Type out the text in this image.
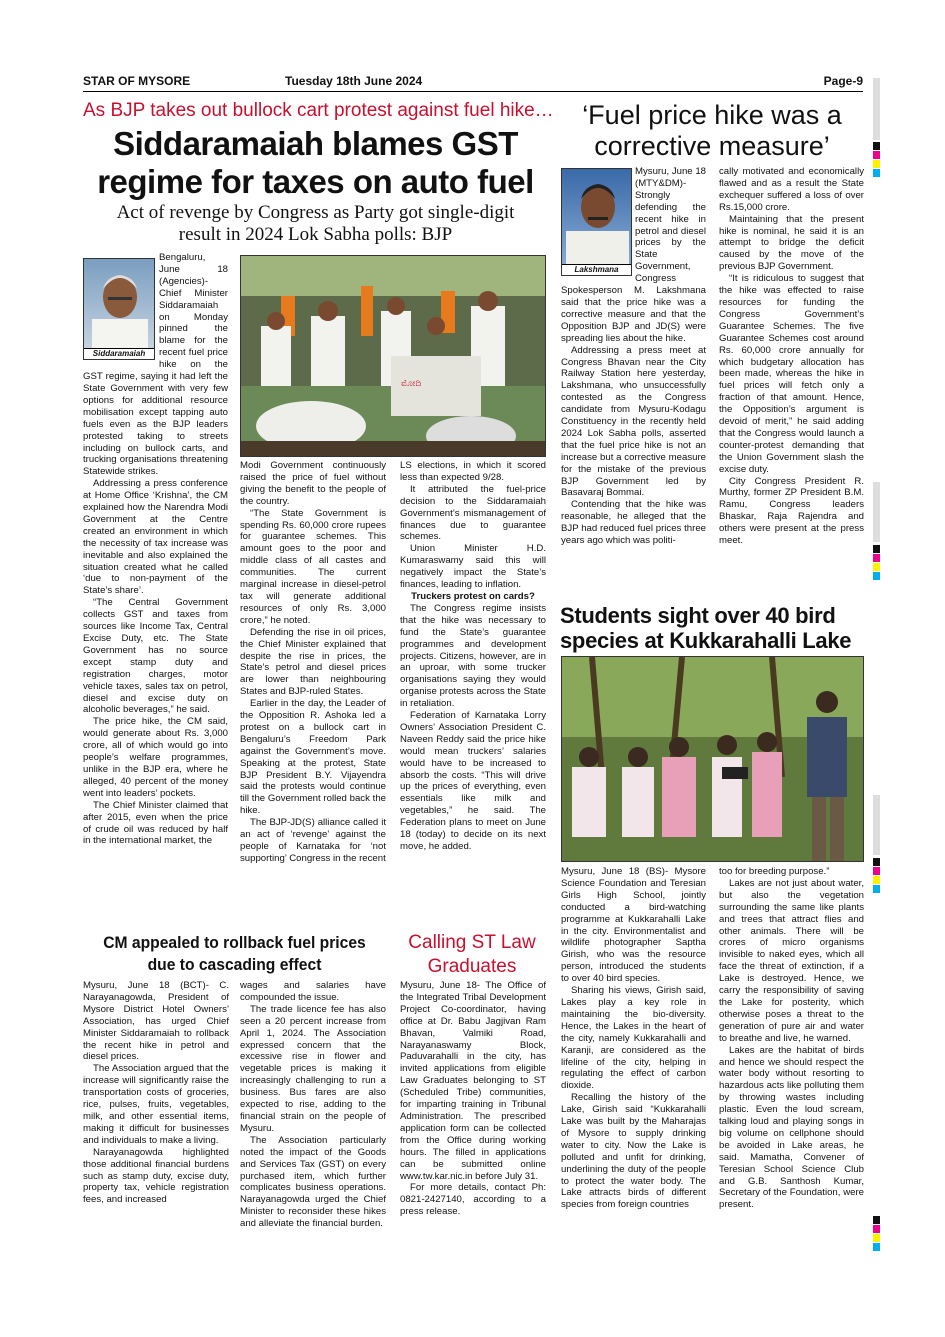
STAR OF MYSORE	Tuesday 18th June 2024	Page-9
As BJP takes out bullock cart protest against fuel hike…
Siddaramaiah blames GST
regime for taxes on auto fuel
Act of revenge by Congress as Party got single-digit
result in 2024 Lok Sabha polls: BJP
Siddaramaiah

Bengaluru, June 18 (Agencies)- Chief Minister Siddaramaiah on Monday pinned the blame for the recent fuel price hike on the GST regime, saying it had left the State Government with very few options for additional resource mobilisation except tapping auto fuels even as the BJP leaders protested taking to streets including on bullock carts, and trucking organisations threatening Statewide strikes.

Addressing a press conference at Home Office ‘Krishna’, the CM explained how the Narendra Modi Government at the Centre created an environment in which the necessity of tax increase was inevitable and also explained the situation created what he called ‘due to non-payment of the State’s share’.

“The Central Government collects GST and taxes from sources like Income Tax, Central Excise Duty, etc. The State Government has no source except stamp duty and registration charges, motor vehicle taxes, sales tax on petrol, diesel and excise duty on alcoholic beverages,” he said.

The price hike, the CM said, would generate about Rs. 3,000 crore, all of which would go into people’s welfare programmes, unlike in the BJP era, where he alleged, 40 percent of the money went into leaders’ pockets.

The Chief Minister claimed that after 2015, even when the price of crude oil was reduced by half in the international market, the

ಮೋದಿ

Modi Government continuously raised the price of fuel without giving the benefit to the people of the country.

“The State Government is spending Rs. 60,000 crore rupees for guarantee schemes. This amount goes to the poor and middle class of all castes and communities. The current marginal increase in diesel-petrol tax will generate additional resources of only Rs. 3,000 crore,” he noted.

Defending the rise in oil prices, the Chief Minister explained that despite the rise in prices, the State’s petrol and diesel prices are lower than neighbouring States and BJP-ruled States.

Earlier in the day, the Leader of the Opposition R. Ashoka led a protest on a bullock cart in Bengaluru’s Freedom Park against the Government’s move. Speaking at the protest, State BJP President B.Y. Vijayendra said the protests would continue till the Government rolled back the hike.

The BJP-JD(S) alliance called it an act of ‘revenge’ against the people of Karnataka for ‘not supporting’ Congress in the recent

LS elections, in which it scored less than expected 9/28.

It attributed the fuel-price decision to the Siddaramaiah Government’s mismanagement of finances due to guarantee schemes.

Union Minister H.D. Kumaraswamy said this will negatively impact the State’s finances, leading to inflation.

Truckers protest on cards?

The Congress regime insists that the hike was necessary to fund the State’s guarantee programmes and development projects. Citizens, however, are in an uproar, with some trucker organisations saying they would organise protests across the State in retaliation.

Federation of Karnataka Lorry Owners’ Association President C. Naveen Reddy said the price hike would mean truckers’ salaries would have to be increased to absorb the costs. “This will drive up the prices of everything, even essentials like milk and vegetables,” he said. The Federation plans to meet on June 18 (today) to decide on its next move, he added.

‘Fuel price hike was a
corrective measure’
Lakshmana

Mysuru, June 18 (MTY&DM)- Strongly defending the recent hike in petrol and diesel prices by the State Government, Congress Spokesperson M. Lakshmana said that the price hike was a corrective measure and that the Opposition BJP and JD(S) were spreading lies about the hike.

Addressing a press meet at Congress Bhavan near the City Railway Station here yesterday, Lakshmana, who unsuccessfully contested as the Congress candidate from Mysuru-Kodagu Constituency in the recently held 2024 Lok Sabha polls, asserted that the fuel price hike is not an increase but a corrective measure for the mistake of the previous BJP Government led by Basavaraj Bommai.

Contending that the hike was reasonable, he alleged that the BJP had reduced fuel prices three years ago which was politi-

cally motivated and economically flawed and as a result the State exchequer suffered a loss of over Rs.15,000 crore.

Maintaining that the present hike is nominal, he said it is an attempt to bridge the deficit caused by the move of the previous BJP Government.

“It is ridiculous to suggest that the hike was effected to raise resources for funding the Congress Government’s Guarantee Schemes. The five Guarantee Schemes cost around Rs. 60,000 crore annually for which budgetary allocation has been made, whereas the hike in fuel prices will fetch only a fraction of that amount. Hence, the Opposition’s argument is devoid of merit,” he said adding that the Congress would launch a counter-protest demanding that the Union Government slash the excise duty.

City Congress President R. Murthy, former ZP President B.M. Ramu, Congress leaders Bhaskar, Raja Rajendra and others were present at the press meet.

Students sight over 40 bird
species at Kukkarahalli Lake

Mysuru, June 18 (BS)- Mysore Science Foundation and Teresian Girls High School, jointly conducted a bird-watching programme at Kukkarahalli Lake in the city. Environmentalist and wildlife photographer Saptha Girish, who was the resource person, introduced the students to over 40 bird species.

Sharing his views, Girish said, Lakes play a key role in maintaining the bio-diversity. Hence, the Lakes in the heart of the city, namely Kukkarahalli and Karanji, are considered as the lifeline of the city, helping in regulating the effect of carbon dioxide.

Recalling the history of the Lake, Girish said “Kukkarahalli Lake was built by the Maharajas of Mysore to supply drinking water to city. Now the Lake is polluted and unfit for drinking, underlining the duty of the people to protect the water body. The Lake attracts birds of different species from foreign countries

too for breeding purpose.”

Lakes are not just about water, but also the vegetation surrounding the same like plants and trees that attract flies and other animals. There will be crores of micro organisms invisible to naked eyes, which all face the threat of extinction, if a Lake is destroyed. Hence, we carry the responsibility of saving the Lake for posterity, which otherwise poses a threat to the generation of pure air and water to breathe and live, he warned.

Lakes are the habitat of birds and hence we should respect the water body without resorting to hazardous acts like polluting them by throwing wastes including plastic. Even the loud scream, talking loud and playing songs in big volume on cellphone should be avoided in Lake areas, he said. Mamatha, Convener of Teresian School Science Club and G.B. Santhosh Kumar, Secretary of the Foundation, were present.

CM appealed to rollback fuel prices
due to cascading effect

Mysuru, June 18 (BCT)- C. Narayanagowda, President of Mysore District Hotel Owners’ Association, has urged Chief Minister Siddaramaiah to rollback the recent hike in petrol and diesel prices.

The Association argued that the increase will significantly raise the transportation costs of groceries, rice, pulses, fruits, vegetables, milk, and other essential items, making it difficult for businesses and individuals to make a living.

Narayanagowda highlighted those additional financial burdens such as stamp duty, excise duty, property tax, vehicle registration fees, and increased

wages and salaries have compounded the issue.

The trade licence fee has also seen a 20 percent increase from April 1, 2024. The Association expressed concern that the excessive rise in flower and vegetable prices is making it increasingly challenging to run a business. Bus fares are also expected to rise, adding to the financial strain on the people of Mysuru.

The Association particularly noted the impact of the Goods and Services Tax (GST) on every purchased item, which further complicates business operations. Narayanagowda urged the Chief Minister to reconsider these hikes and alleviate the financial burden.

Calling ST Law
Graduates

Mysuru, June 18- The Office of the Integrated Tribal Development Project Co-coordinator, having office at Dr. Babu Jagjivan Ram Bhavan, Valmiki Road, Narayanaswamy Block, Paduvarahalli in the city, has invited applications from eligible Law Graduates belonging to ST (Scheduled Tribe) communities, for imparting training in Tribunal Administration. The prescribed application form can be collected from the Office during working hours. The filled in applications can be submitted online www.tw.kar.nic.in before July 31.

For more details, contact Ph: 0821-2427140, according to a press release.
